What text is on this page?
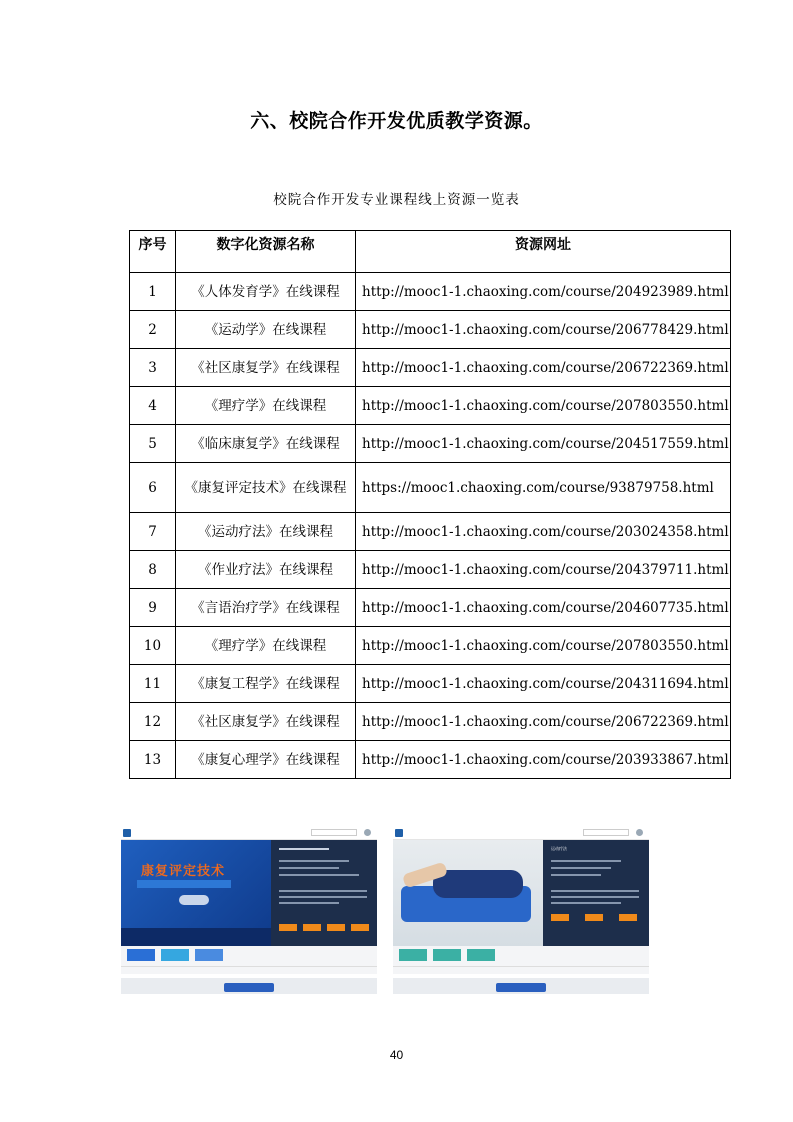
六、校院合作开发优质教学资源。
校院合作开发专业课程线上资源一览表
序号	数字化资源名称	资源网址
1	《人体发育学》在线课程	http://mooc1-1.chaoxing.com/course/204923989.html
2	《运动学》在线课程	http://mooc1-1.chaoxing.com/course/206778429.html
3	《社区康复学》在线课程	http://mooc1-1.chaoxing.com/course/206722369.html
4	《理疗学》在线课程	http://mooc1-1.chaoxing.com/course/207803550.html
5	《临床康复学》在线课程	http://mooc1-1.chaoxing.com/course/204517559.html
6	《康复评定技术》在线课程	https://mooc1.chaoxing.com/course/93879758.html
7	《运动疗法》在线课程	http://mooc1-1.chaoxing.com/course/203024358.html
8	《作业疗法》在线课程	http://mooc1-1.chaoxing.com/course/204379711.html
9	《言语治疗学》在线课程	http://mooc1-1.chaoxing.com/course/204607735.html
10	《理疗学》在线课程	http://mooc1-1.chaoxing.com/course/207803550.html
11	《康复工程学》在线课程	http://mooc1-1.chaoxing.com/course/204311694.html
12	《社区康复学》在线课程	http://mooc1-1.chaoxing.com/course/206722369.html
13	《康复心理学》在线课程	http://mooc1-1.chaoxing.com/course/203933867.html
康复评定技术
运动疗法
40
